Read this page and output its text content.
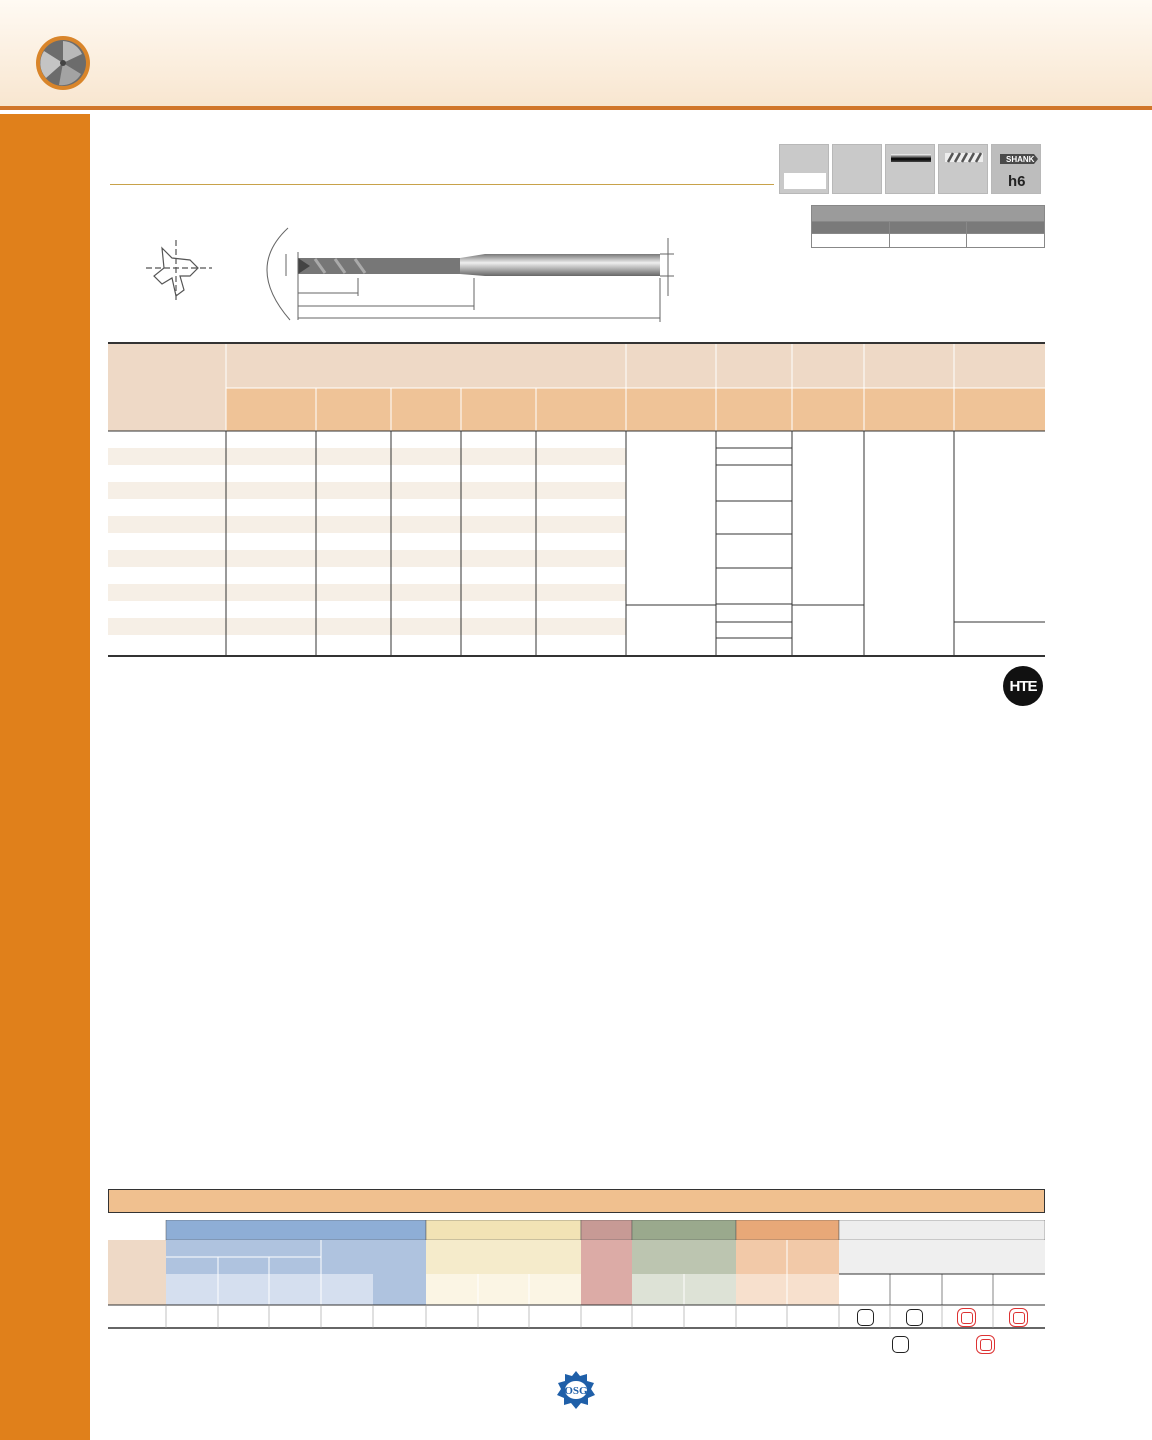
SHANK
h6

HTE
OSG
